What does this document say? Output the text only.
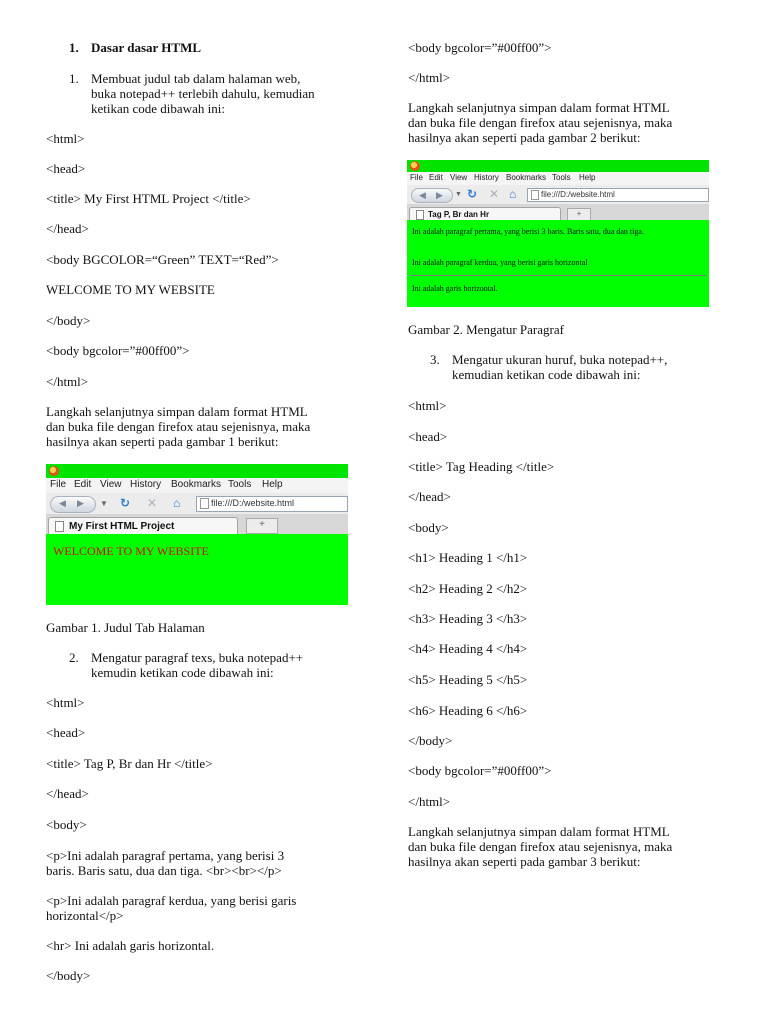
1. Dasar dasar HTML

1. Membuat judul tab dalam halaman web,

buka notepad++ terlebih dahulu, kemudian

ketikan code dibawah ini:

<html>

<head>

<title> My First HTML Project </title>

</head>

<body BGCOLOR=“Green” TEXT=“Red”>

WELCOME TO MY WEBSITE

</body>

<body bgcolor=”#00ff00”>

</html>

Langkah selanjutnya simpan dalam format HTML

dan buka file dengan firefox atau sejenisnya, maka

hasilnya akan seperti pada gambar 1 berikut:

File Edit View History Bookmarks Tools Help
◀ ▶ ▼ ↻ ✕ ⌂	file:///D:/website.html
My First HTML Project	+
WELCOME TO MY WEBSITE

Gambar 1. Judul Tab Halaman

2. Mengatur paragraf texs, buka notepad++

kemudin ketikan code dibawah ini:

<html>

<head>

<title> Tag P, Br dan Hr </title>

</head>

<body>

<p>Ini adalah paragraf pertama, yang berisi 3

baris. Baris satu, dua dan tiga. <br><br></p>

<p>Ini adalah paragraf kerdua, yang berisi garis

horizontal</p>

<hr> Ini adalah garis horizontal.

</body>

<body bgcolor=”#00ff00”>

</html>

Langkah selanjutnya simpan dalam format HTML

dan buka file dengan firefox atau sejenisnya, maka

hasilnya akan seperti pada gambar 2 berikut:

File Edit View History Bookmarks Tools Help
◀ ▶ ▼ ↻ ✕ ⌂	file:///D:/website.html
Tag P, Br dan Hr	+
Ini adalah paragraf pertama, yang berisi 3 baris. Baris satu, dua dan tiga.
Ini adalah paragraf kerdua, yang berisi garis horizontal
Ini adalah garis horizontal.

Gambar 2. Mengatur Paragraf

3. Mengatur ukuran huruf, buka notepad++,

kemudian ketikan code dibawah ini:

<html>

<head>

<title> Tag Heading </title>

</head>

<body>

<h1> Heading 1 </h1>

<h2> Heading 2 </h2>

<h3> Heading 3 </h3>

<h4> Heading 4 </h4>

<h5> Heading 5 </h5>

<h6> Heading 6 </h6>

</body>

<body bgcolor=”#00ff00”>

</html>

Langkah selanjutnya simpan dalam format HTML

dan buka file dengan firefox atau sejenisnya, maka

hasilnya akan seperti pada gambar 3 berikut:
